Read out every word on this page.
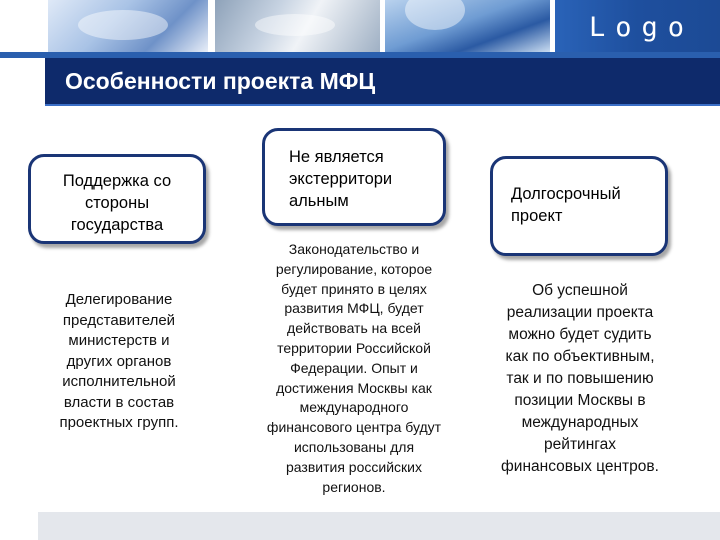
Logo
Особенности проекта МФЦ
Поддержка со
стороны
государства
Не является
экстерритори
альным	Долгосрочный
проект
Делегирование
представителей
министерств и
других органов
исполнительной
власти в состав
проектных групп.
Законодательство и
регулирование, которое
будет принято в целях
развития МФЦ, будет
действовать на всей
территории Российской
Федерации. Опыт и
достижения Москвы как
международного
финансового центра будут
использованы для
развития российских
регионов.
Об успешной
реализации проекта
можно будет судить
как по объективным,
так и по повышению
позиции Москвы в
международных
рейтингах
финансовых центров.
